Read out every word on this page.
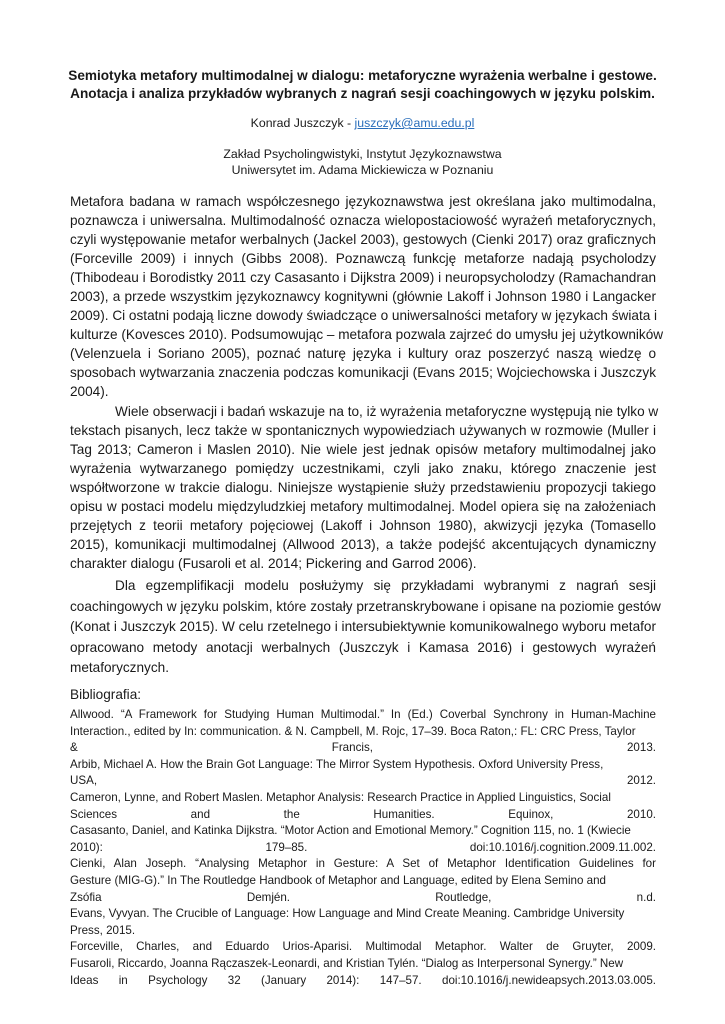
Semiotyka metafory multimodalnej w dialogu: metaforyczne wyrażenia werbalne i gestowe.
Anotacja i analiza przykładów wybranych z nagrań sesji coachingowych w języku polskim.
Konrad Juszczyk - juszczyk@amu.edu.pl
Zakład Psycholingwistyki, Instytut Językoznawstwa
Uniwersytet im. Adama Mickiewicza w Poznaniu
Metafora badana w ramach współczesnego językoznawstwa jest określana jako multimodalna,
poznawcza i uniwersalna. Multimodalność oznacza wielopostaciowość wyrażeń metaforycznych,
czyli występowanie metafor werbalnych (Jackel 2003), gestowych (Cienki 2017) oraz graficznych
(Forceville 2009) i innych (Gibbs 2008). Poznawczą funkcję metaforze nadają psycholodzy
(Thibodeau i Borodistky 2011 czy Casasanto i Dijkstra 2009) i neuropsycholodzy (Ramachandran
2003), a przede wszystkim językoznawcy kognitywni (głównie Lakoff i Johnson 1980 i Langacker
2009). Ci ostatni podają liczne dowody świadczące o uniwersalności metafory w językach świata i
kulturze (Kovesces 2010). Podsumowując – metafora pozwala zajrzeć do umysłu jej użytkowników
(Velenzuela i Soriano 2005), poznać naturę języka i kultury oraz poszerzyć naszą wiedzę o
sposobach wytwarzania znaczenia podczas komunikacji (Evans 2015; Wojciechowska i Juszczyk
2004).
Wiele obserwacji i badań wskazuje na to, iż wyrażenia metaforyczne występują nie tylko w
tekstach pisanych, lecz także w spontanicznych wypowiedziach używanych w rozmowie (Muller i
Tag 2013; Cameron i Maslen 2010). Nie wiele jest jednak opisów metafory multimodalnej jako
wyrażenia wytwarzanego pomiędzy uczestnikami, czyli jako znaku, którego znaczenie jest
współtworzone w trakcie dialogu. Niniejsze wystąpienie służy przedstawieniu propozycji takiego
opisu w postaci modelu międzyludzkiej metafory multimodalnej. Model opiera się na założeniach
przejętych z teorii metafory pojęciowej (Lakoff i Johnson 1980), akwizycji języka (Tomasello
2015), komunikacji multimodalnej (Allwood 2013), a także podejść akcentujących dynamiczny
charakter dialogu (Fusaroli et al. 2014; Pickering and Garrod 2006).
Dla egzemplifikacji modelu posłużymy się przykładami wybranymi z nagrań sesji
coachingowych w języku polskim, które zostały przetranskrybowane i opisane na poziomie gestów
(Konat i Juszczyk 2015). W celu rzetelnego i intersubiektywnie komunikowalnego wyboru metafor
opracowano metody anotacji werbalnych (Juszczyk i Kamasa 2016) i gestowych wyrażeń
metaforycznych.
Bibliografia:
Allwood. “A Framework for Studying Human Multimodal.” In (Ed.) Coverbal Synchrony in Human-Machine
Interaction., edited by In: communication. & N. Campbell, M. Rojc, 17–39. Boca Raton,: FL: CRC Press, Taylor
& Francis, 2013.
Arbib, Michael A. How the Brain Got Language: The Mirror System Hypothesis. Oxford University Press,
USA, 2012.
Cameron, Lynne, and Robert Maslen. Metaphor Analysis: Research Practice in Applied Linguistics, Social
Sciences and the Humanities. Equinox, 2010.
Casasanto, Daniel, and Katinka Dijkstra. “Motor Action and Emotional Memory.” Cognition 115, no. 1 (Kwiecie
2010): 179–85. doi:10.1016/j.cognition.2009.11.002.
Cienki, Alan Joseph. “Analysing Metaphor in Gesture: A Set of Metaphor Identification Guidelines for
Gesture (MIG-G).” In The Routledge Handbook of Metaphor and Language, edited by Elena Semino and
Zsófia Demjén. Routledge, n.d.
Evans, Vyvyan. The Crucible of Language: How Language and Mind Create Meaning. Cambridge University
Press, 2015.
Forceville, Charles, and Eduardo Urios-Aparisi. Multimodal Metaphor. Walter de Gruyter, 2009.
Fusaroli, Riccardo, Joanna Rączaszek-Leonardi, and Kristian Tylén. “Dialog as Interpersonal Synergy.” New
Ideas in Psychology 32 (January 2014): 147–57. doi:10.1016/j.newideapsych.2013.03.005.
